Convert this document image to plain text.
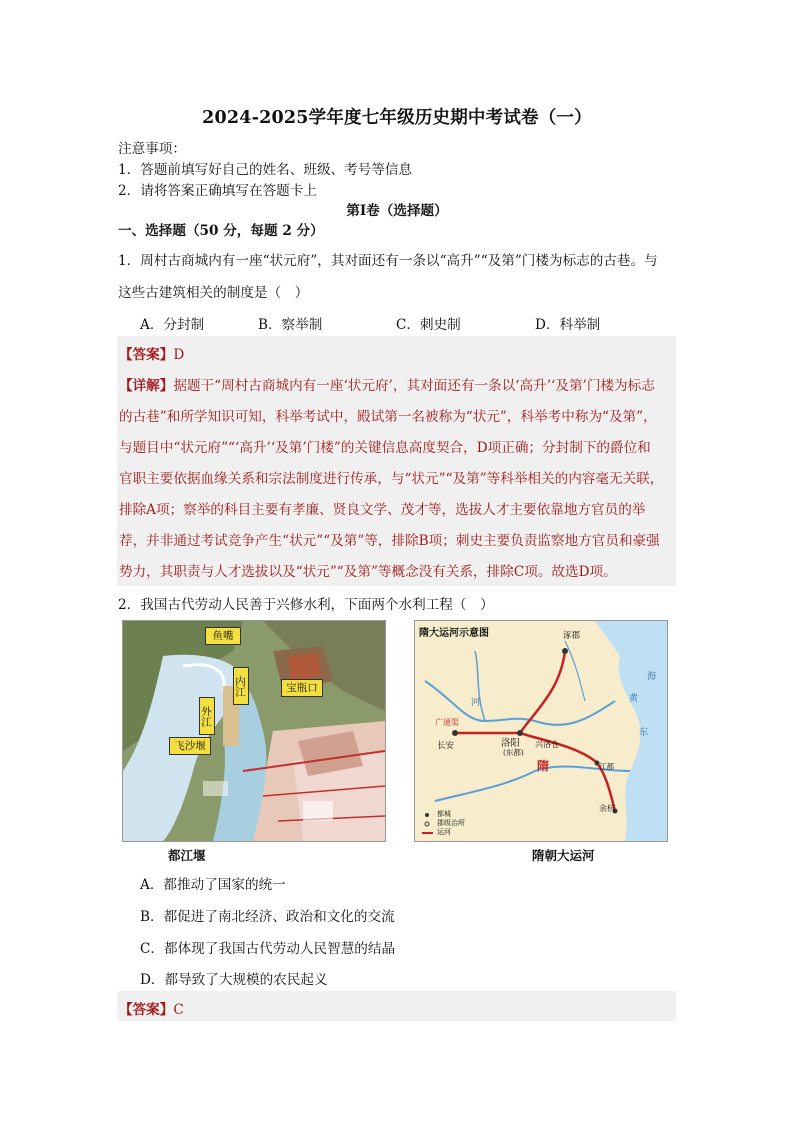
2024-2025学年度七年级历史期中考试卷（一）
注意事项：
1．答题前填写好自己的姓名、班级、考号等信息
2．请将答案正确填写在答题卡上
第Ⅰ卷（选择题）
一、选择题（50 分，每题 2 分）
1．周村古商城内有一座“状元府”，其对面还有一条以“高升”“及第”门楼为标志的古巷。与
这些古建筑相关的制度是（　）
A．分封制	B．察举制	C．刺史制	D．科举制
【答案】D
【详解】据题干“周村古商城内有一座‘状元府’，其对面还有一条以‘高升’‘及第’门楼为标志
的古巷”和所学知识可知，科举考试中，殿试第一名被称为“状元”，科举考中称为“及第”，
与题目中“状元府”“‘高升’‘及第’门楼”的关键信息高度契合，D项正确；分封制下的爵位和
官职主要依据血缘关系和宗法制度进行传承，与“状元”“及第”等科举相关的内容毫无关联，
排除A项；察举的科目主要有孝廉、贤良文学、茂才等，选拔人才主要依靠地方官员的举
荐，并非通过考试竞争产生“状元”“及第”等，排除B项；刺史主要负责监察地方官员和豪强
势力，其职责与人才选拔以及“状元”“及第”等概念没有关系，排除C项。故选D项。
2．我国古代劳动人民善于兴修水利，下面两个水利工程（　）
鱼嘴
宝瓶口
内江
外江
飞沙堰
都江堰
隋大运河示意图	涿郡
洛阳
(东都)
兴洛仓
长安
广通渠
隋	江都
余杭
黄
河
东
海
都城
郡级治所
运河
隋朝大运河
A．都推动了国家的统一
B．都促进了南北经济、政治和文化的交流
C．都体现了我国古代劳动人民智慧的结晶
D．都导致了大规模的农民起义
【答案】C
